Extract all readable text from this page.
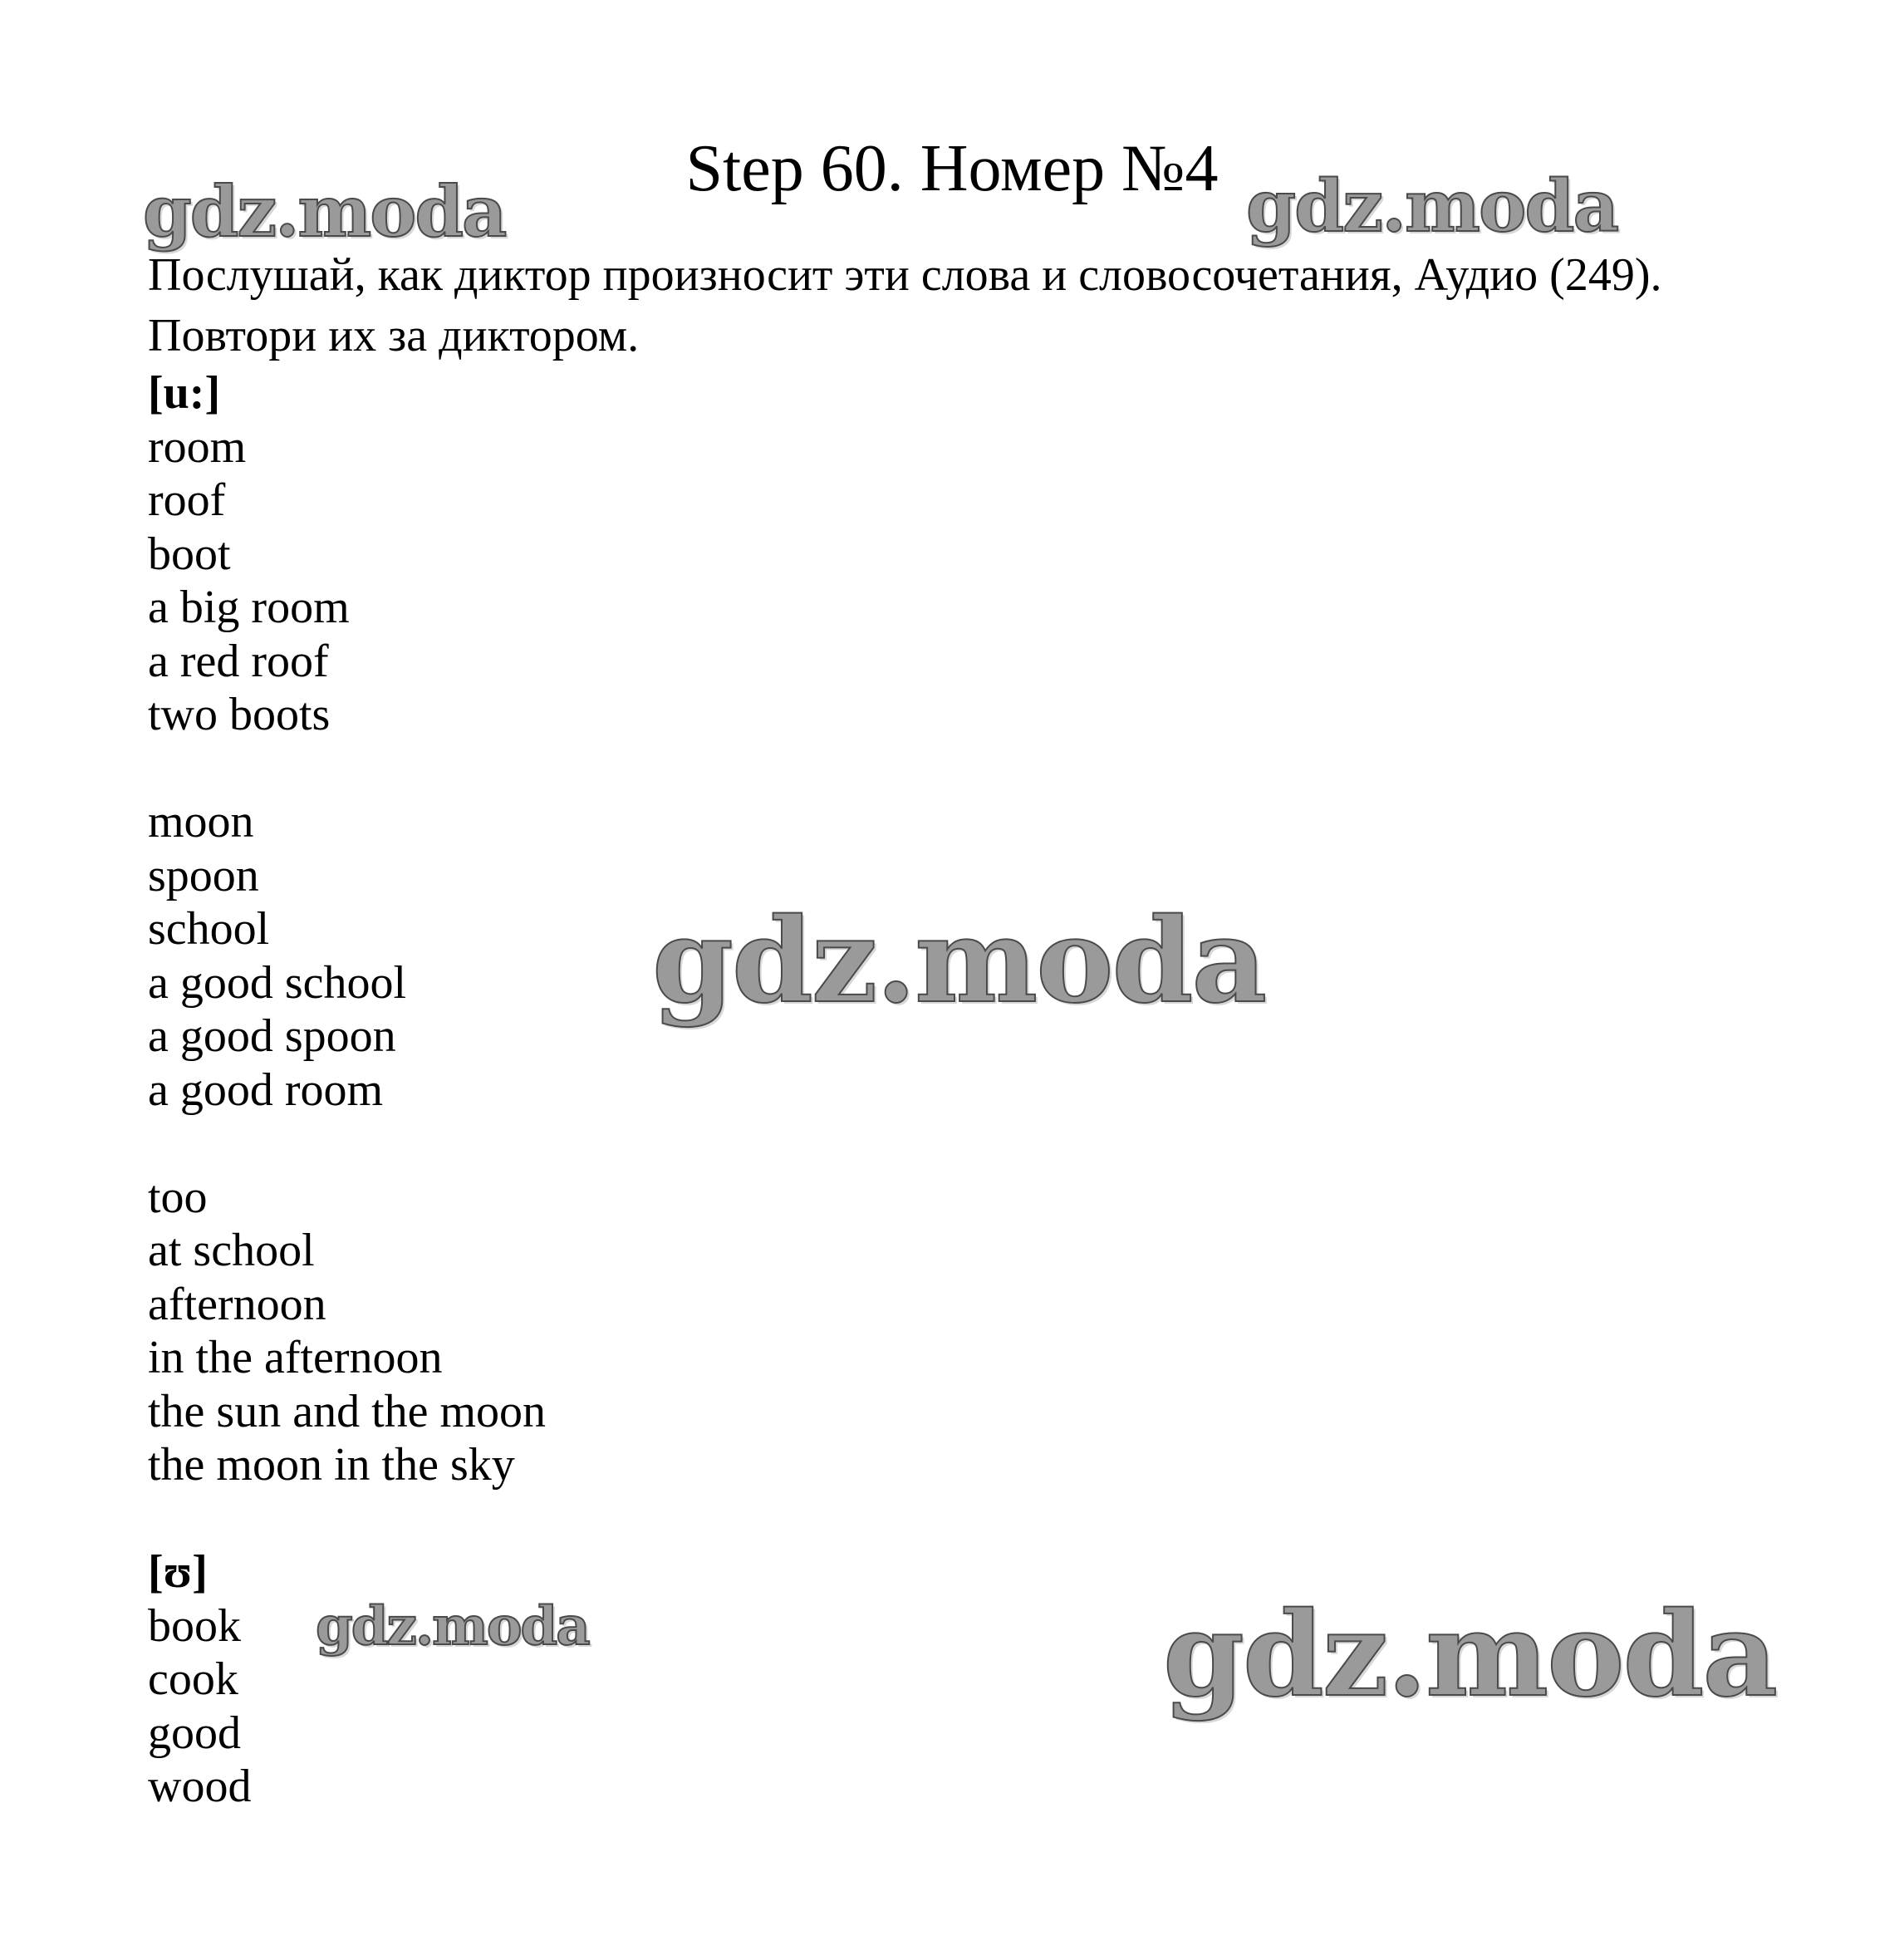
Step 60. Номер №4
Послушай, как диктор произносит эти слова и словосочетания, Аудио (249).
Повтори их за диктором.
[u:]
room
roof
boot
a big room
a red roof
two boots
moon
spoon
school
a good school
a good spoon
a good room
too
at school
afternoon
in the afternoon
the sun and the moon
the moon in the sky
[ʊ]
book
cook
good
wood
gdz.moda	gdz.moda
gdz.moda
gdz.moda	gdz.moda
